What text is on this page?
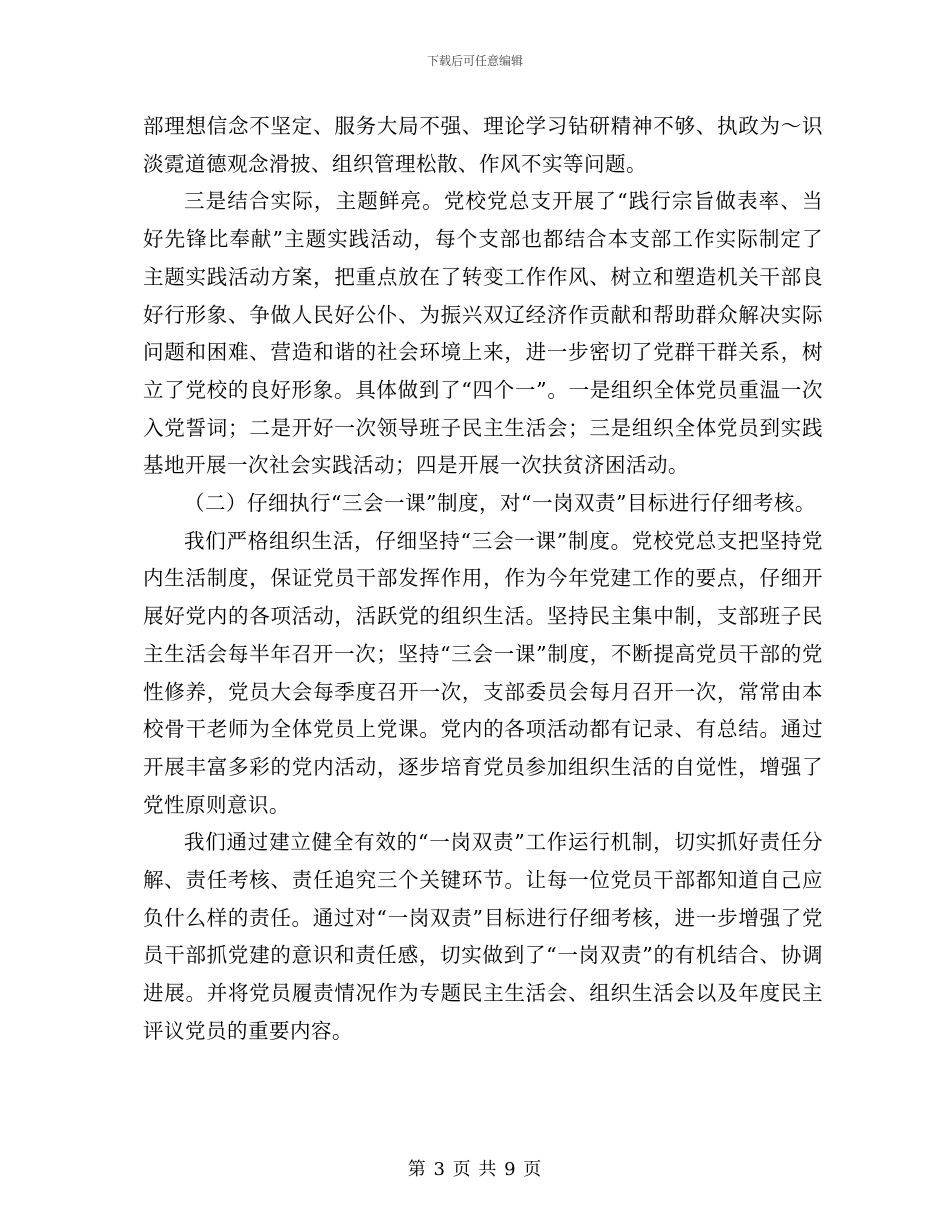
下载后可任意编辑

部理想信念不坚定、服务大局不强、理论学习钻研精神不够、执政为～识淡霓道德观念滑披、组织管理松散、作风不实等问题。

三是结合实际，主题鲜亮。党校党总支开展了“践行宗旨做表率、当好先锋比奉献”主题实践活动，每个支部也都结合本支部工作实际制定了主题实践活动方案，把重点放在了转变工作作风、树立和塑造机关干部良好行形象、争做人民好公仆、为振兴双辽经济作贡献和帮助群众解决实际问题和困难、营造和谐的社会环境上来，进一步密切了党群干群关系，树立了党校的良好形象。具体做到了“四个一”。一是组织全体党员重温一次入党誓词；二是开好一次领导班子民主生活会；三是组织全体党员到实践基地开展一次社会实践活动；四是开展一次扶贫济困活动。

（二）仔细执行“三会一课”制度，对“一岗双责”目标进行仔细考核。

我们严格组织生活，仔细坚持“三会一课”制度。党校党总支把坚持党内生活制度，保证党员干部发挥作用，作为今年党建工作的要点，仔细开展好党内的各项活动，活跃党的组织生活。坚持民主集中制，支部班子民主生活会每半年召开一次；坚持“三会一课”制度，不断提高党员干部的党性修养，党员大会每季度召开一次，支部委员会每月召开一次，常常由本校骨干老师为全体党员上党课。党内的各项活动都有记录、有总结。通过开展丰富多彩的党内活动，逐步培育党员参加组织生活的自觉性，增强了党性原则意识。

我们通过建立健全有效的“一岗双责”工作运行机制，切实抓好责任分解、责任考核、责任追究三个关键环节。让每一位党员干部都知道自己应负什么样的责任。通过对“一岗双责”目标进行仔细考核，进一步增强了党员干部抓党建的意识和责任感，切实做到了“一岗双责”的有机结合、协调进展。并将党员履责情况作为专题民主生活会、组织生活会以及年度民主评议党员的重要内容。

第 3 页 共 9 页
